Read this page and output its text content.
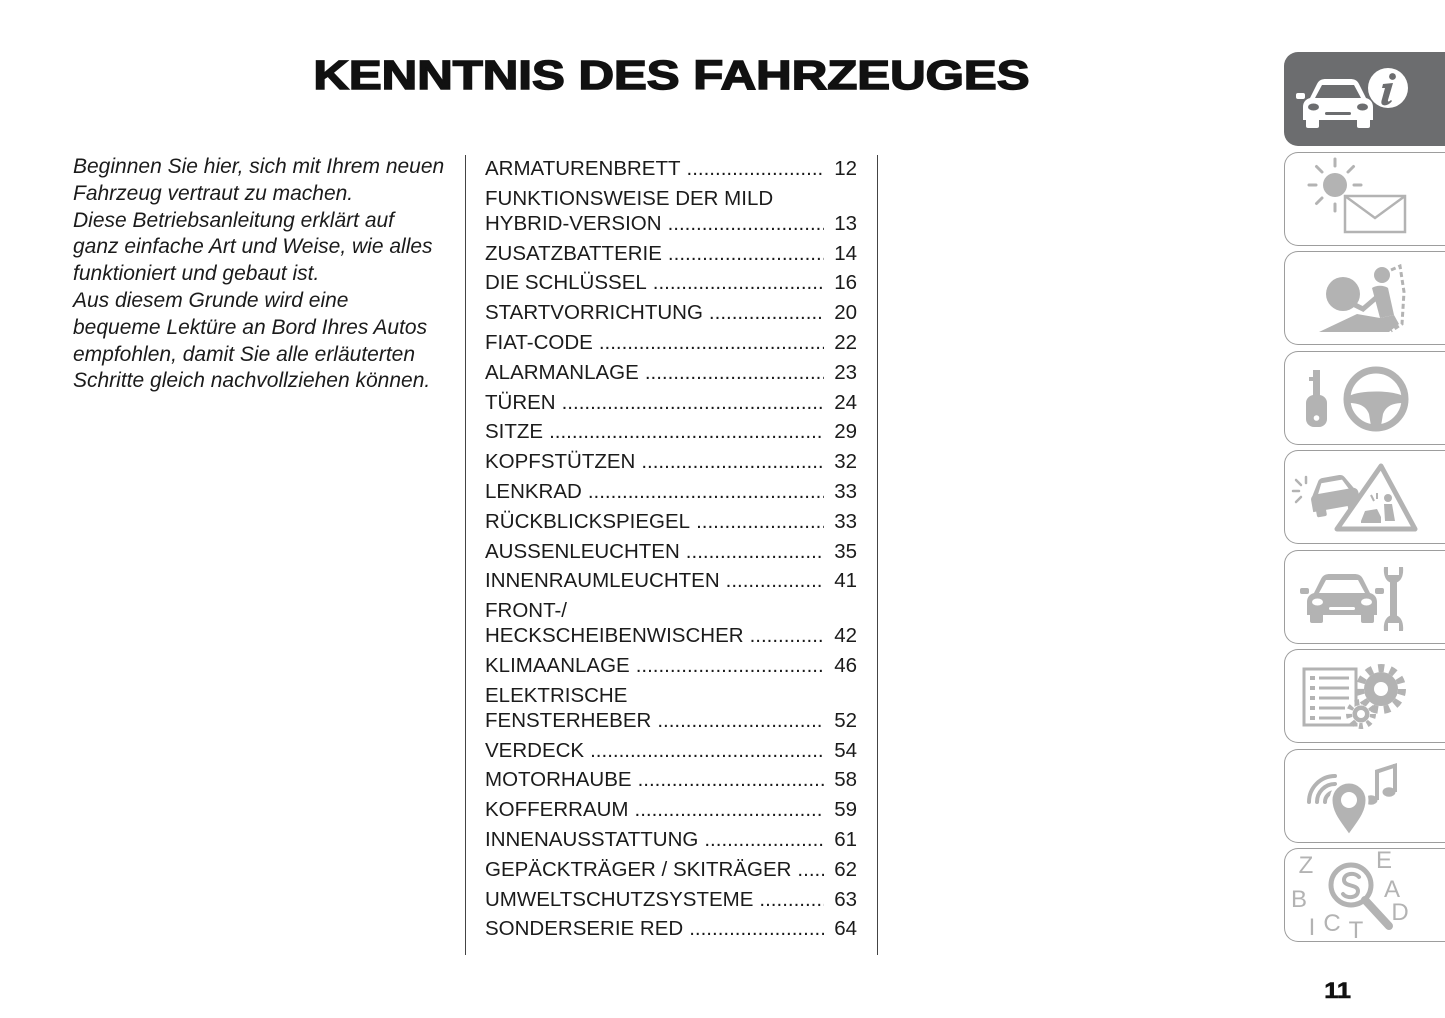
KENNTNIS DES FAHRZEUGES
Beginnen Sie hier, sich mit Ihrem neuen
Fahrzeug vertraut zu machen.
Diese Betriebsanleitung erklärt auf
ganz einfache Art und Weise, wie alles
funktioniert und gebaut ist.
Aus diesem Grunde wird eine
bequeme Lektüre an Bord Ihres Autos
empfohlen, damit Sie alle erläuterten
Schritte gleich nachvollziehen können.
ARMATURENBRETT .....	12
FUNKTIONSWEISE DER MILD
HYBRID-VERSION .....	13
ZUSATZBATTERIE .....	14
DIE SCHLÜSSEL .....	16
STARTVORRICHTUNG .....	20
FIAT-CODE .....	22
ALARMANLAGE .....	23
TÜREN .....	24
SITZE .....	29
KOPFSTÜTZEN .....	32
LENKRAD .....	33
RÜCKBLICKSPIEGEL .....	33
AUSSENLEUCHTEN .....	35
INNENRAUMLEUCHTEN .....	41
FRONT-/
HECKSCHEIBENWISCHER .....	42
KLIMAANLAGE .....	46
ELEKTRISCHE
FENSTERHEBER .....	52
VERDECK .....	54
MOTORHAUBE .....	58
KOFFERRAUM .....	59
INNENAUSSTATTUNG .....	61
GEPÄCKTRÄGER / SKITRÄGER ..... 62
UMWELTSCHUTZSYSTEME .....	63
SONDERSERIE RED .....	64
Z	E
B	A
I C T
D
11
